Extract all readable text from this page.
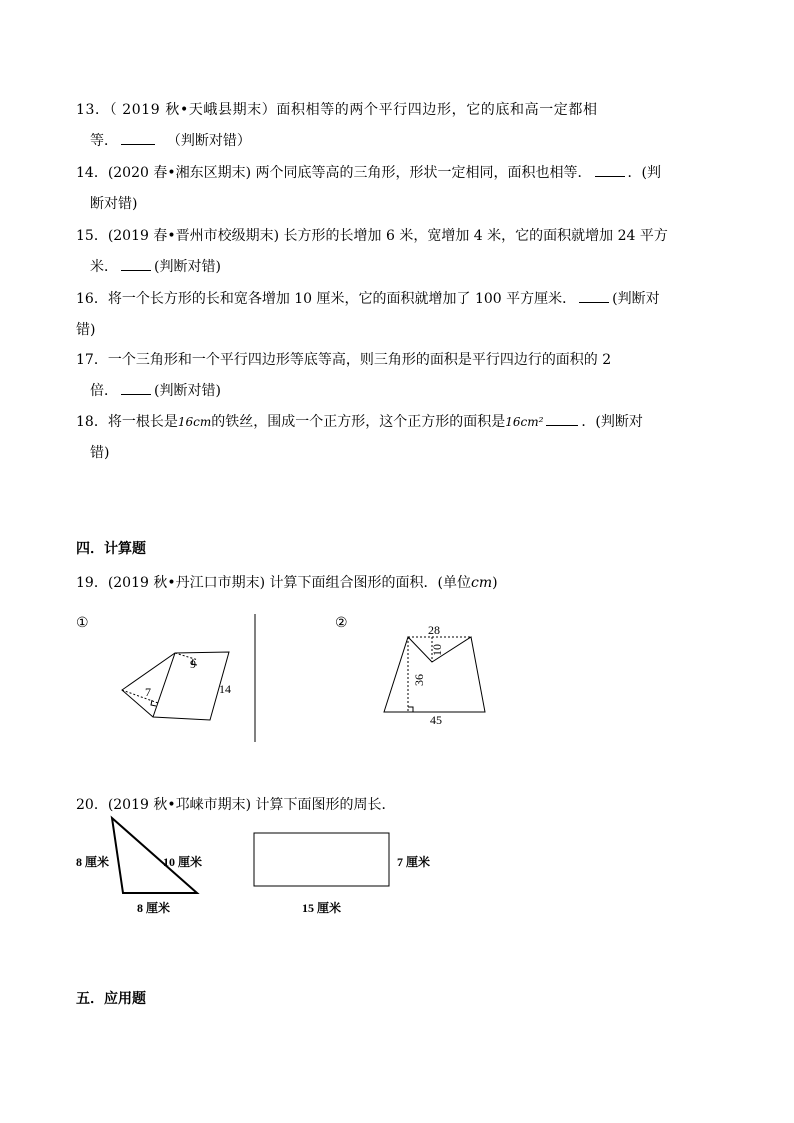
13．（ 2019 秋•天峨县期末）面积相等的两个平行四边形，它的底和高一定都相
等．	（判断对错）
14．(2020 春•湘东区期末) 两个同底等高的三角形，形状一定相同，面积也相等．	．(判
断对错)
15．(2019 春•晋州市校级期末) 长方形的长增加 6 米，宽增加 4 米，它的面积就增加 24 平方
米．	(判断对错)
16．将一个长方形的长和宽各增加 10 厘米，它的面积就增加了 100 平方厘米．	(判断对
错)
17．一个三角形和一个平行四边形等底等高，则三角形的面积是平行四边行的面积的 2
倍．	(判断对错)
18．将一根长是16cm的铁丝，围成一个正方形，这个正方形的面积是16cm²	．(判断对
错)
四．计算题
19．(2019 秋•丹江口市期末) 计算下面组合图形的面积．(单位cm)
①
9
7	14
②	28
10
36
45
8 厘米	10 厘米
8 厘米
7 厘米
15 厘米
20．(2019 秋•邛崃市期末) 计算下面图形的周长．
五．应用题
